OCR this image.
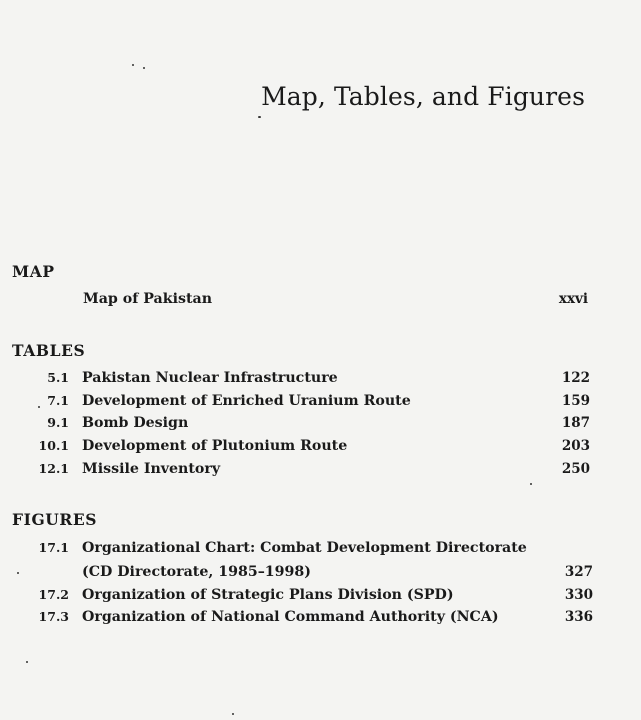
Map, Tables, and Figures
MAP
Map of Pakistan	xxvi
TABLES
5.1 Pakistan Nuclear Infrastructure	122
7.1 Development of Enriched Uranium Route	159
9.1 Bomb Design	187
10.1 Development of Plutonium Route	203
12.1 Missile Inventory	250
FIGURES
17.1 Organizational Chart: Combat Development Directorate
(CD Directorate, 1985–1998)	327
17.2 Organization of Strategic Plans Division (SPD)	330
17.3 Organization of National Command Authority (NCA)	336
